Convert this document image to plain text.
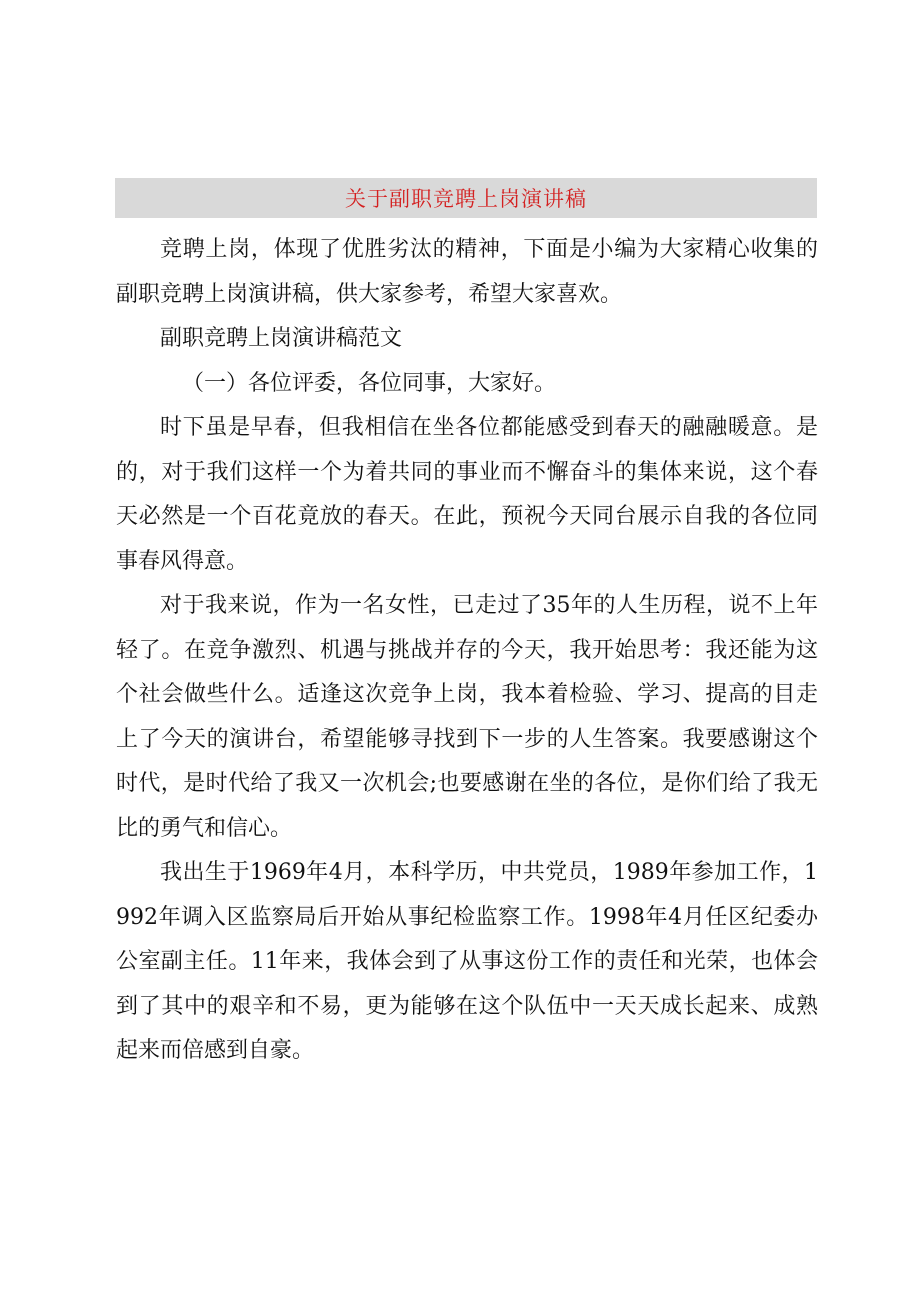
关于副职竞聘上岗演讲稿

竞聘上岗，体现了优胜劣汰的精神，下面是小编为大家精心收集的副职竞聘上岗演讲稿，供大家参考，希望大家喜欢。

副职竞聘上岗演讲稿范文

（一）各位评委，各位同事，大家好。

时下虽是早春，但我相信在坐各位都能感受到春天的融融暖意。是的，对于我们这样一个为着共同的事业而不懈奋斗的集体来说，这个春天必然是一个百花竟放的春天。在此，预祝今天同台展示自我的各位同事春风得意。

对于我来说，作为一名女性，已走过了35年的人生历程，说不上年轻了。在竞争激烈、机遇与挑战并存的今天，我开始思考：我还能为这个社会做些什么。适逢这次竞争上岗，我本着检验、学习、提高的目走上了今天的演讲台，希望能够寻找到下一步的人生答案。我要感谢这个时代，是时代给了我又一次机会;也要感谢在坐的各位，是你们给了我无比的勇气和信心。

我出生于1969年4月，本科学历，中共党员，1989年参加工作，1992年调入区监察局后开始从事纪检监察工作。1998年4月任区纪委办公室副主任。11年来，我体会到了从事这份工作的责任和光荣，也体会到了其中的艰辛和不易，更为能够在这个队伍中一天天成长起来、成熟起来而倍感到自豪。
